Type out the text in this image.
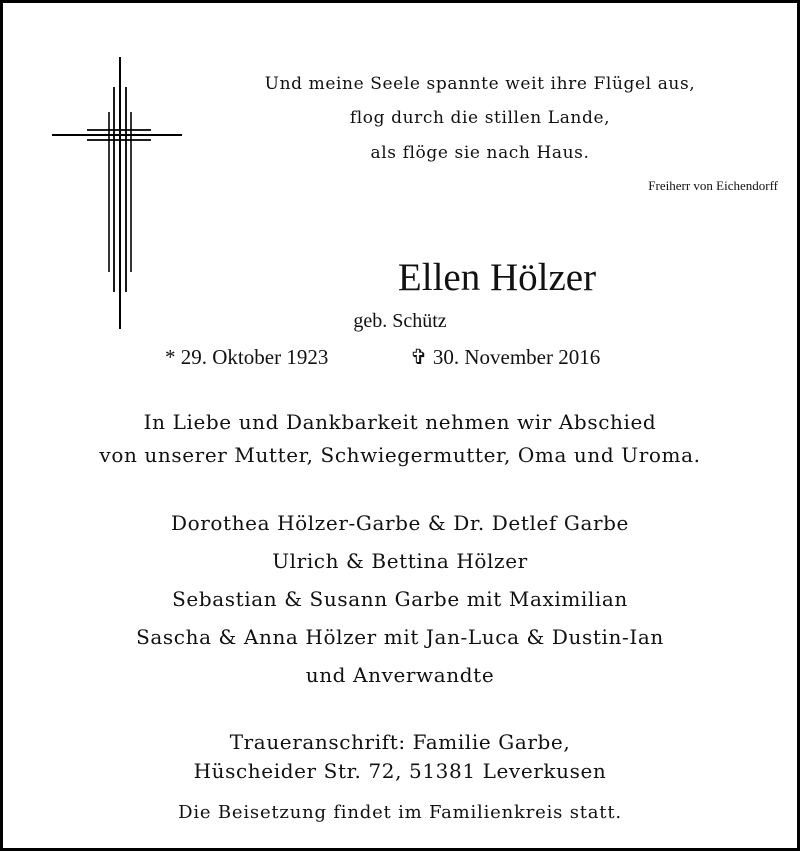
Und meine Seele spannte weit ihre Flügel aus,
flog durch die stillen Lande,
als flöge sie nach Haus.
Freiherr von Eichendorff
Ellen Hölzer
geb. Schütz
* 29. Oktober 1923	✞ 30. November 2016
In Liebe und Dankbarkeit nehmen wir Abschied
von unserer Mutter, Schwiegermutter, Oma und Uroma.
Dorothea Hölzer-Garbe & Dr. Detlef Garbe
Ulrich & Bettina Hölzer
Sebastian & Susann Garbe mit Maximilian
Sascha & Anna Hölzer mit Jan-Luca & Dustin-Ian
und Anverwandte
Traueranschrift: Familie Garbe,
Hüscheider Str. 72, 51381 Leverkusen
Die Beisetzung findet im Familienkreis statt.
